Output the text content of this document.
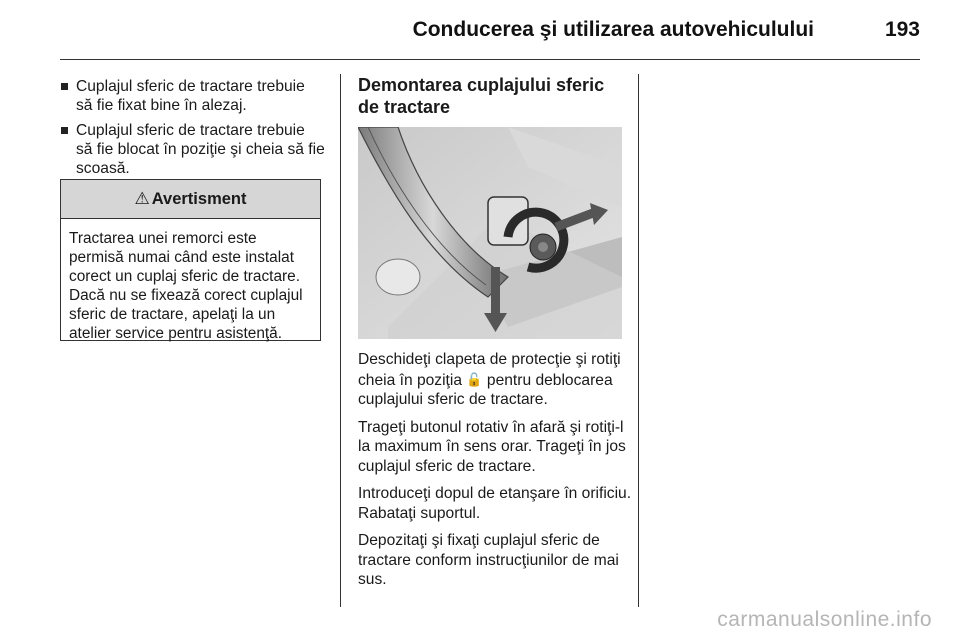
Conducerea şi utilizarea autovehiculului	193
Cuplajul sferic de tractare trebuie să fie fixat bine în alezaj.
Cuplajul sferic de tractare trebuie să fie blocat în poziţie şi cheia să fie scoasă.
⚠ Avertisment
Tractarea unei remorci este permisă numai când este instalat corect un cuplaj sferic de tractare. Dacă nu se fixează corect cuplajul sferic de tractare, apelaţi la un atelier service pentru asistenţă.
Demontarea cuplajului sferic de tractare

Deschideţi clapeta de protecţie şi rotiţi cheia în poziţia 🔓 pentru deblocarea cuplajului sferic de tractare.

Trageţi butonul rotativ în afară şi rotiţi-l la maximum în sens orar. Trageţi în jos cuplajul sferic de tractare.

Introduceţi dopul de etanşare în orificiu. Rabataţi suportul.

Depozitaţi şi fixaţi cuplajul sferic de tractare conform instrucţiunilor de mai sus.

carmanualsonline.info
